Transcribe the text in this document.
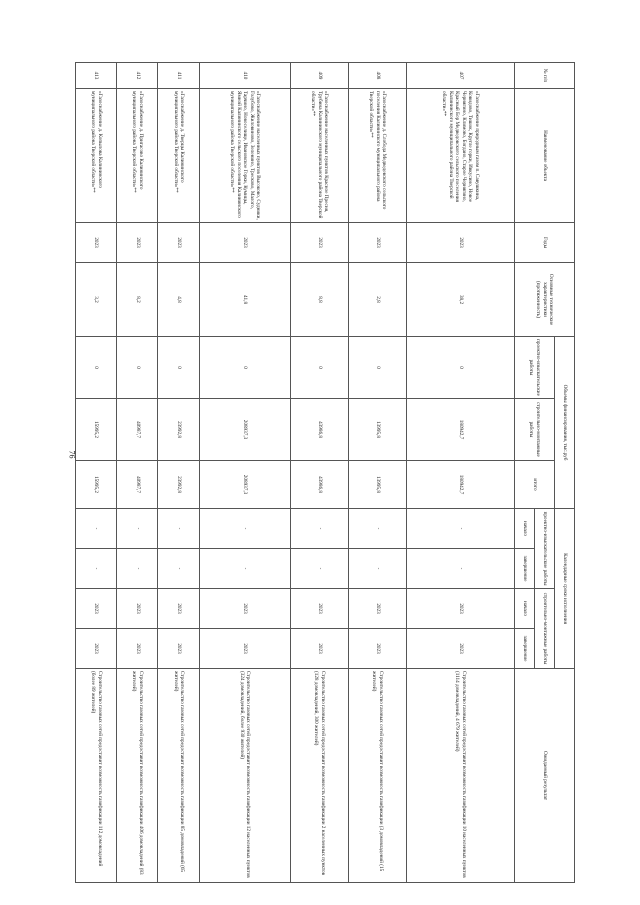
76
№ п/п	Наименование объекта	Годы	Основные технические характеристики (протяженность)	Объемы финансирования, тыс.руб			Календарные сроки исполнения				Ожидаемый результат
				проектно-изыскательские работы	строительно-монтажные работы	итого	проектно-изыскательские работы		строительно-монтажные работы		
							начало	завершение	начало	завершение	
407	«Газоснабжение природным газом п. Савушкина, Ковидово, Тишок, Кругле горки, Ивкусино, Новое Чернягино, Климово, Богдано, Старое Чернягино, Красный Бор Медведовского сельского поселения Калининского муниципального района Тверской области»**	2023	38,2	0	180942,7	180942,7	-	-	2023	2023	Строительство газовых сетей предоставит возможность газификации 10 населенных пунктов (1114 домовладений, 4 679 жителей)
408	«Газоснабжение д. Слобода Медведевского сельского поселения Калининского муниципального района Тверской области»**	2023	2,8	0	13995,8	13995,8	-	-	2023	2023	Строительство газовых сетей предоставит возможность газификации (3 домовладений (15 жителей)
409	«Газоснабжение населенных пунктов Красное Пресня, Трубина Калининского муниципального района Тверской области»**	2023	8,8	0	43986,8	43986,8	-	-	2023	2023	Строительство газовых сетей предоставит возможность газификации 2 населенных пунктов (128 домовладений, 300 жителей)
410	«Газоснабжение населенных пунктов Высоково, Судники, Голубово, Жиловиново, Зеленино, Тресково, Малого, Тарчино, Новоселище, Ивановское Горки, Кумицы, Ямной Калининского сельского поселения Калининского муниципального района Тверской области»**	2023	41,8	0	208937,3	208937,3	-	-	2023	2023	Строительство газовых сетей предоставит возможность газификации 12 населенных пунктов (324 домовладений, более 930 жителей)
411	«Газоснабжение д. Тверцы Калининского муниципального района Тверской области»**	2023	4,8	0	23992,8	23992,8	-	-	2023	2023	Строительство газовых сетей предоставит возможность газификации 85 домовладений (65 жителей)
412	«Газоснабжение д. Пригасово Калининского муниципального района Тверской области»**	2023	8,2	0	40987,7	40987,7	-	-	2023	2023	Строительство газовых сетей предоставит возможность газификации 406 домовладений (83 жителей)
413	«Газоснабжение д. Копылова Калининского муниципального района Тверской области»**	2023	3,2	0	15995,2	15995,2	-	-	2023	2023	Строительство газовых сетей предоставит возможность газификации 112 домовладений (более 89 жителей)
